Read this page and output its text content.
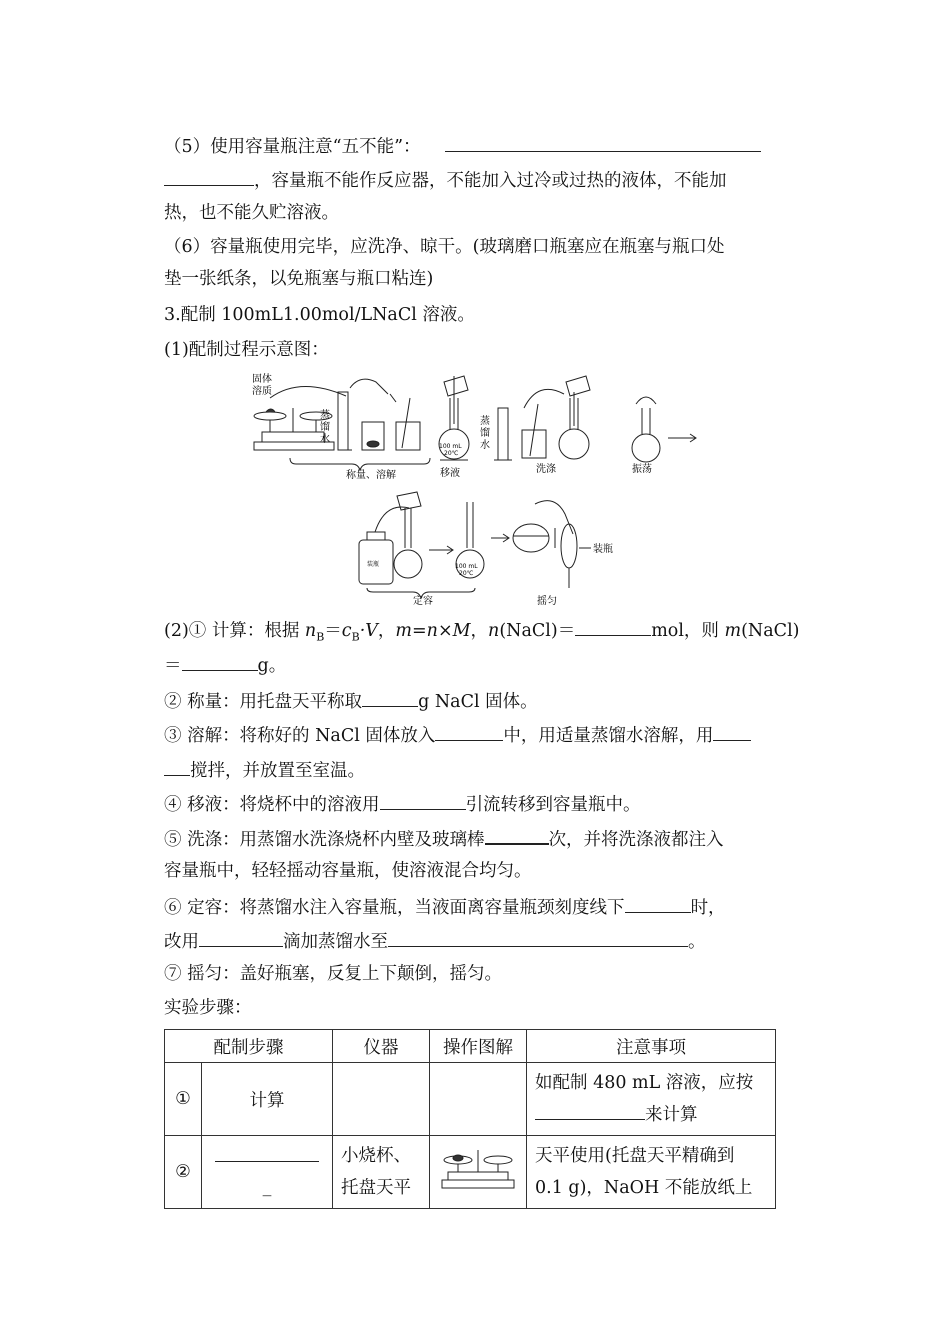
（5）使用容量瓶注意“五不能”：
，容量瓶不能作反应器，不能加入过冷或过热的液体，不能加
热，也不能久贮溶液。
（6）容量瓶使用完毕，应洗净、晾干。(玻璃磨口瓶塞应在瓶塞与瓶口处
垫一张纸条，以免瓶塞与瓶口粘连)
3.配制 100mL1.00mol/LNaCl 溶液。
(1)配制过程示意图：
固体
溶质
蒸
馏
水
称量、溶解
100 mL
20℃
移液
蒸
馏
水
洗涤	振荡
装瓶	100 mL
20℃
定容
装瓶
摇匀
(2)① 计算：根据 $n_B=c_B\cdot V$，m=n×M，n(NaCl)＝	mol，则 m(NaCl)
＝	g。
② 称量：用托盘天平称取	g NaCl 固体。
③ 溶解：将称好的 NaCl 固体放入	中，用适量蒸馏水溶解，用
搅拌，并放置至室温。
④ 移液：将烧杯中的溶液用	引流转移到容量瓶中。
⑤ 洗涤：用蒸馏水洗涤烧杯内壁及玻璃棒	次，并将洗涤液都注入
容量瓶中，轻轻摇动容量瓶，使溶液混合均匀。
⑥ 定容：将蒸馏水注入容量瓶，当液面离容量瓶颈刻度线下	时，
改用	滴加蒸馏水至	。
⑦ 摇匀：盖好瓶塞，反复上下颠倒，摇匀。
实验步骤：
配制步骤		仪器	操作图解	注意事项
①	计算			如配制 480 mL 溶液，应按
来计算
②	_	小烧杯、托盘天平		天平使用(托盘天平精确到 0.1 g)，NaOH 不能放纸上
